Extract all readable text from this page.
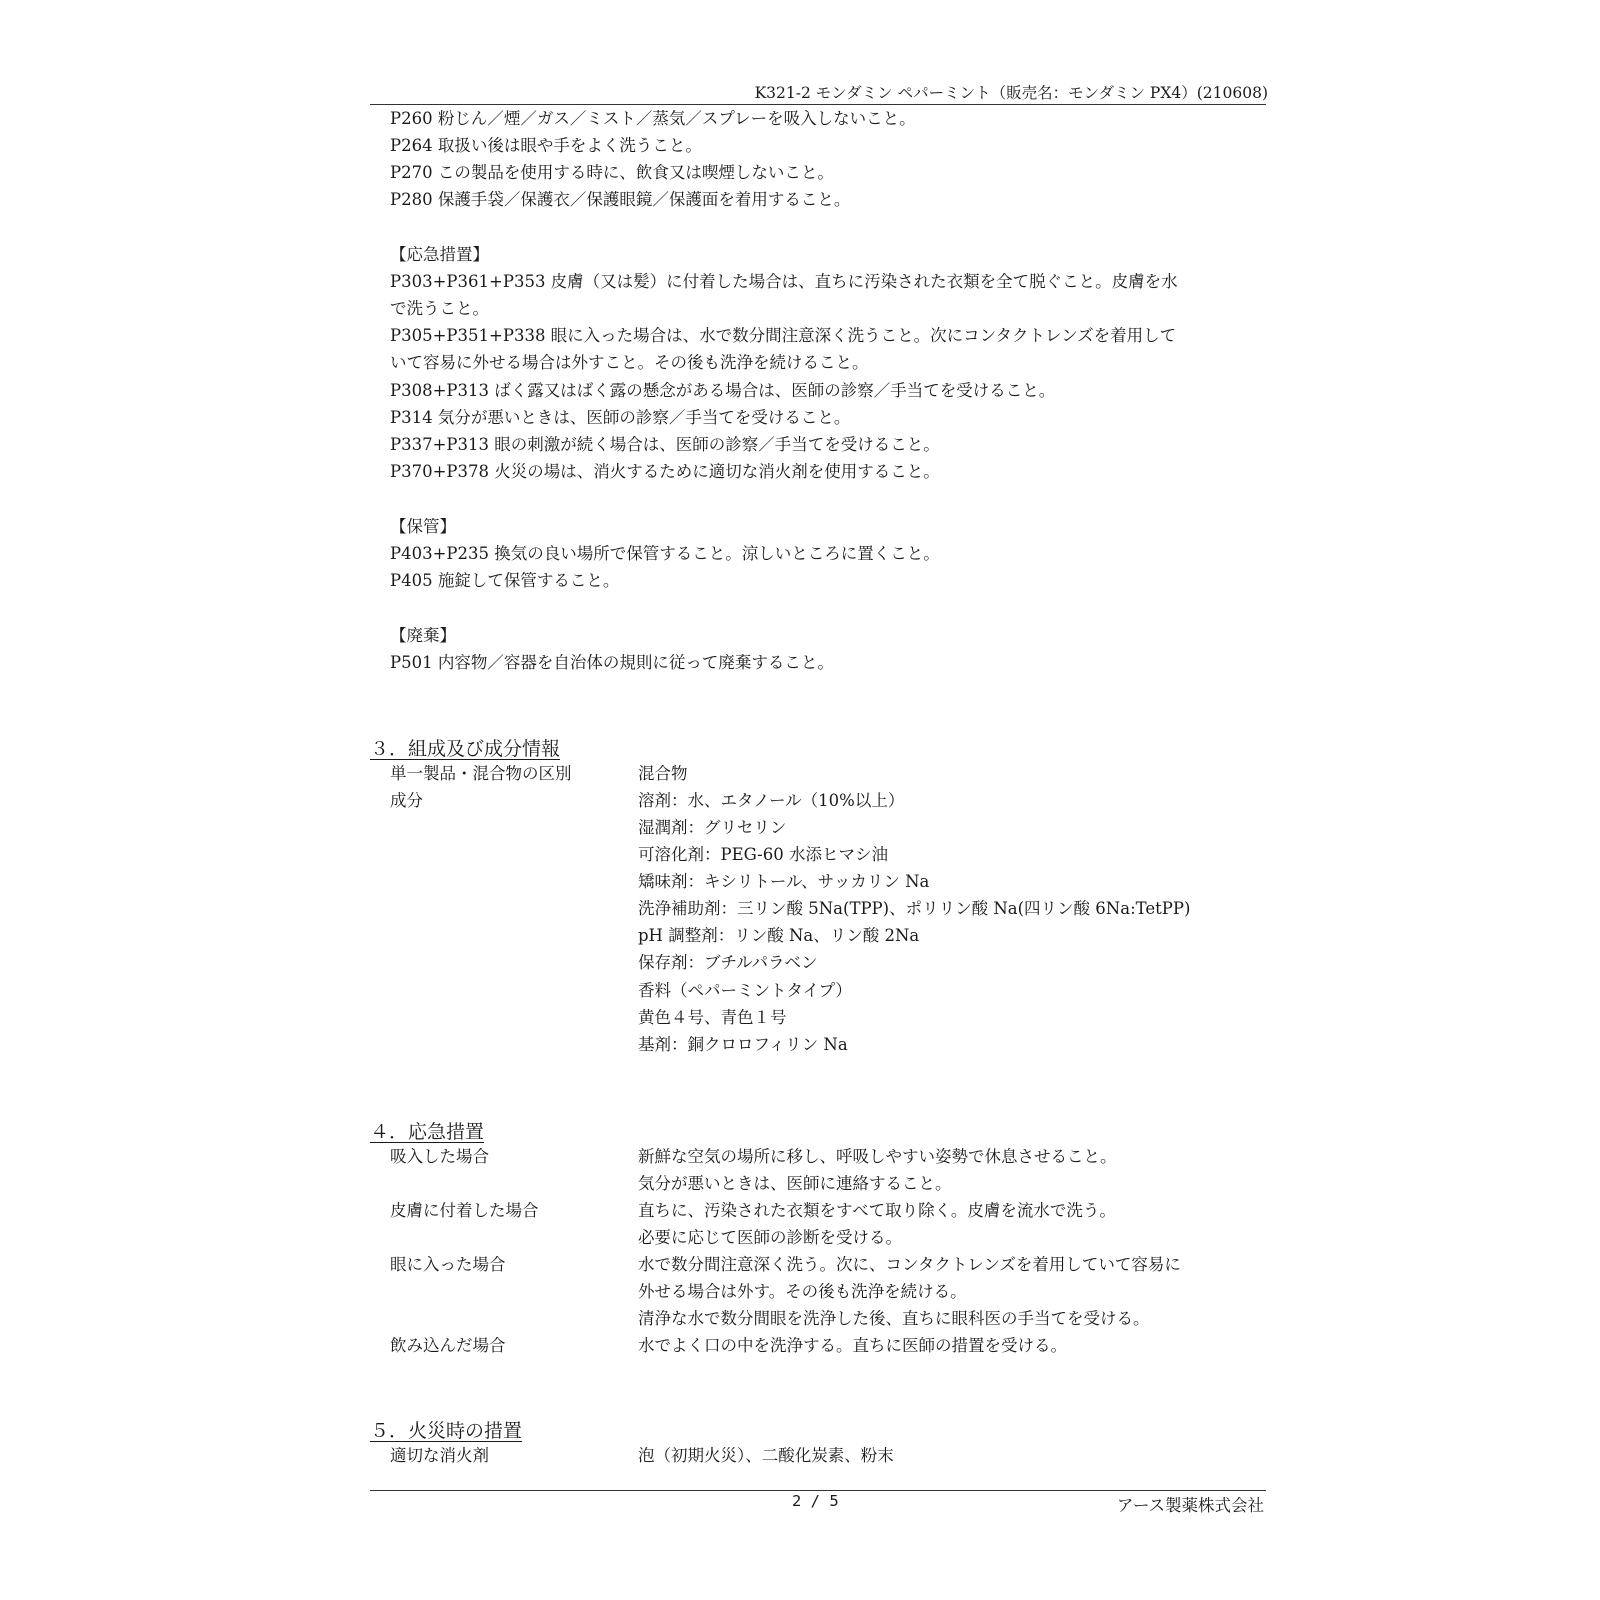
K321-2 モンダミン ペパーミント（販売名：モンダミン PX4）(210608)
P260 粉じん／煙／ガス／ミスト／蒸気／スプレーを吸入しないこと。
P264 取扱い後は眼や手をよく洗うこと。
P270 この製品を使用する時に、飲食又は喫煙しないこと。
P280 保護手袋／保護衣／保護眼鏡／保護面を着用すること。
【応急措置】
P303+P361+P353 皮膚（又は髪）に付着した場合は、直ちに汚染された衣類を全て脱ぐこと。皮膚を水
で洗うこと。
P305+P351+P338 眼に入った場合は、水で数分間注意深く洗うこと。次にコンタクトレンズを着用して
いて容易に外せる場合は外すこと。その後も洗浄を続けること。
P308+P313 ばく露又はばく露の懸念がある場合は、医師の診察／手当てを受けること。
P314 気分が悪いときは、医師の診察／手当てを受けること。
P337+P313 眼の刺激が続く場合は、医師の診察／手当てを受けること。
P370+P378 火災の場は、消火するために適切な消火剤を使用すること。
【保管】
P403+P235 換気の良い場所で保管すること。涼しいところに置くこと。
P405 施錠して保管すること。
【廃棄】
P501 内容物／容器を自治体の規則に従って廃棄すること。
３．組成及び成分情報
単一製品・混合物の区別	混合物
成分	溶剤：水、エタノール（10%以上）
湿潤剤：グリセリン
可溶化剤：PEG-60 水添ヒマシ油
矯味剤：キシリトール、サッカリン Na
洗浄補助剤：三リン酸 5Na(TPP)、ポリリン酸 Na(四リン酸 6Na:TetPP)
pH 調整剤：リン酸 Na、リン酸 2Na
保存剤：ブチルパラベン
香料（ペパーミントタイプ）
黄色４号、青色１号
基剤：銅クロロフィリン Na
４．応急措置
吸入した場合	新鮮な空気の場所に移し、呼吸しやすい姿勢で休息させること。
気分が悪いときは、医師に連絡すること。
皮膚に付着した場合	直ちに、汚染された衣類をすべて取り除く。皮膚を流水で洗う。
必要に応じて医師の診断を受ける。
眼に入った場合	水で数分間注意深く洗う。次に、コンタクトレンズを着用していて容易に
外せる場合は外す。その後も洗浄を続ける。
清浄な水で数分間眼を洗浄した後、直ちに眼科医の手当てを受ける。
飲み込んだ場合	水でよく口の中を洗浄する。直ちに医師の措置を受ける。
５．火災時の措置
適切な消火剤	泡（初期火災）、二酸化炭素、粉末
2 / 5	アース製薬株式会社
